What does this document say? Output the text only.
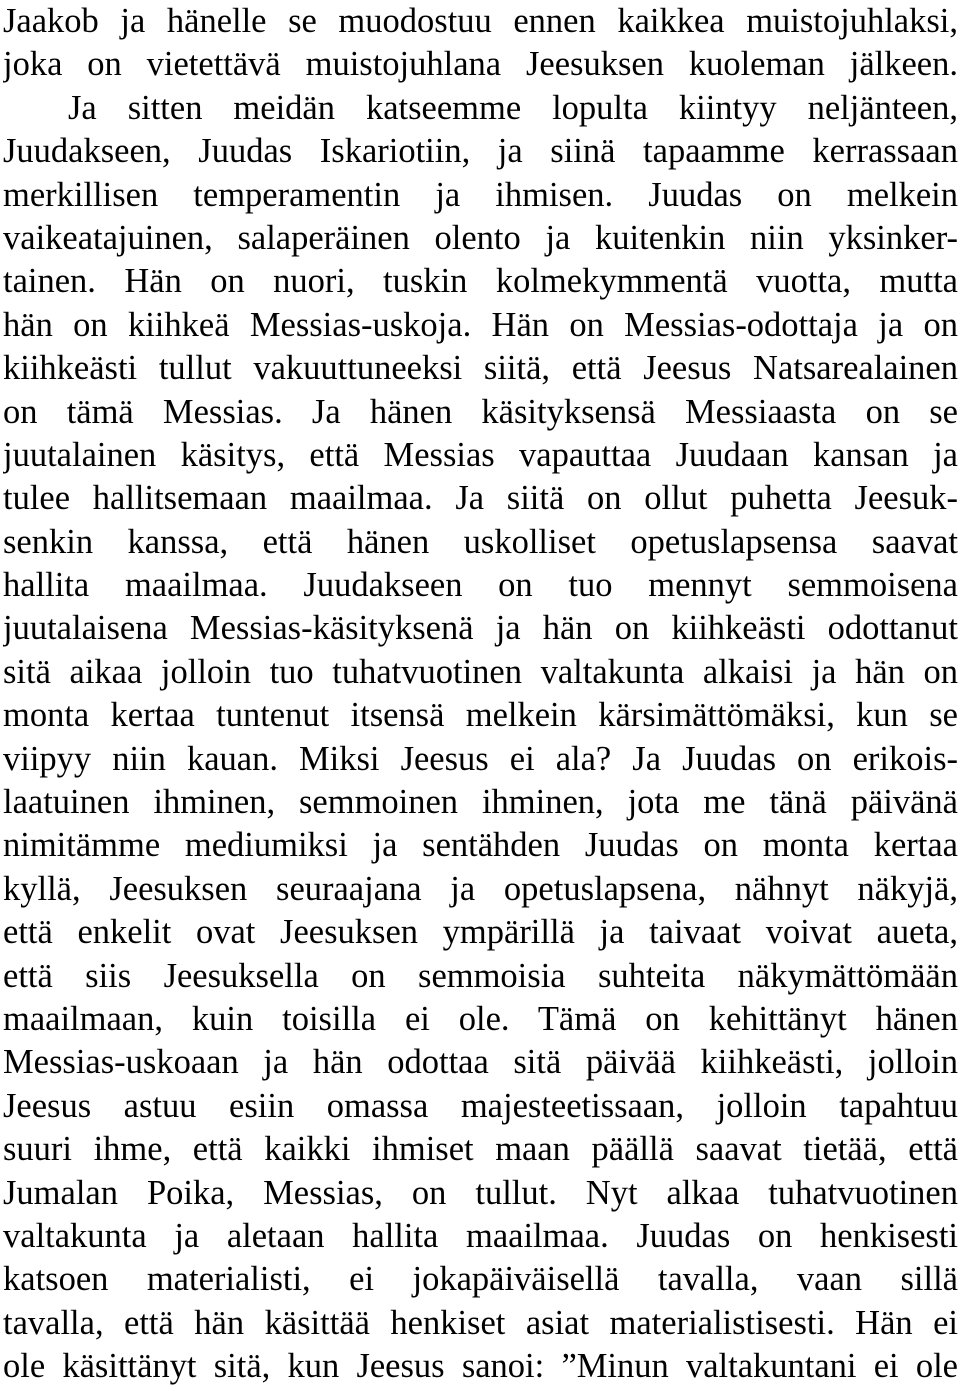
Jaakob ja hänelle se muodostuu ennen kaikkea muistojuhlaksi,
joka on vietettävä muistojuhlana Jeesuksen kuoleman jälkeen.
Ja sitten meidän katseemme lopulta kiintyy neljänteen,
Juudakseen, Juudas Iskariotiin, ja siinä tapaamme kerrassaan
merkillisen temperamentin ja ihmisen. Juudas on melkein
vaikeatajuinen, salaperäinen olento ja kuitenkin niin yksinker-
tainen. Hän on nuori, tuskin kolmekymmentä vuotta, mutta
hän on kiihkeä Messias-uskoja. Hän on Messias-odottaja ja on
kiihkeästi tullut vakuuttuneeksi siitä, että Jeesus Natsarealainen
on tämä Messias. Ja hänen käsityksensä Messiaasta on se
juutalainen käsitys, että Messias vapauttaa Juudaan kansan ja
tulee hallitsemaan maailmaa. Ja siitä on ollut puhetta Jeesuk-
senkin kanssa, että hänen uskolliset opetuslapsensa saavat
hallita maailmaa. Juudakseen on tuo mennyt semmoisena
juutalaisena Messias-käsityksenä ja hän on kiihkeästi odottanut
sitä aikaa jolloin tuo tuhatvuotinen valtakunta alkaisi ja hän on
monta kertaa tuntenut itsensä melkein kärsimättömäksi, kun se
viipyy niin kauan. Miksi Jeesus ei ala? Ja Juudas on erikois-
laatuinen ihminen, semmoinen ihminen, jota me tänä päivänä
nimitämme mediumiksi ja sentähden Juudas on monta kertaa
kyllä, Jeesuksen seuraajana ja opetuslapsena, nähnyt näkyjä,
että enkelit ovat Jeesuksen ympärillä ja taivaat voivat aueta,
että siis Jeesuksella on semmoisia suhteita näkymättömään
maailmaan, kuin toisilla ei ole. Tämä on kehittänyt hänen
Messias-uskoaan ja hän odottaa sitä päivää kiihkeästi, jolloin
Jeesus astuu esiin omassa majesteetissaan, jolloin tapahtuu
suuri ihme, että kaikki ihmiset maan päällä saavat tietää, että
Jumalan Poika, Messias, on tullut. Nyt alkaa tuhatvuotinen
valtakunta ja aletaan hallita maailmaa. Juudas on henkisesti
katsoen materialisti, ei jokapäiväisellä tavalla, vaan sillä
tavalla, että hän käsittää henkiset asiat materialistisesti. Hän ei
ole käsittänyt sitä, kun Jeesus sanoi: ”Minun valtakuntani ei ole
